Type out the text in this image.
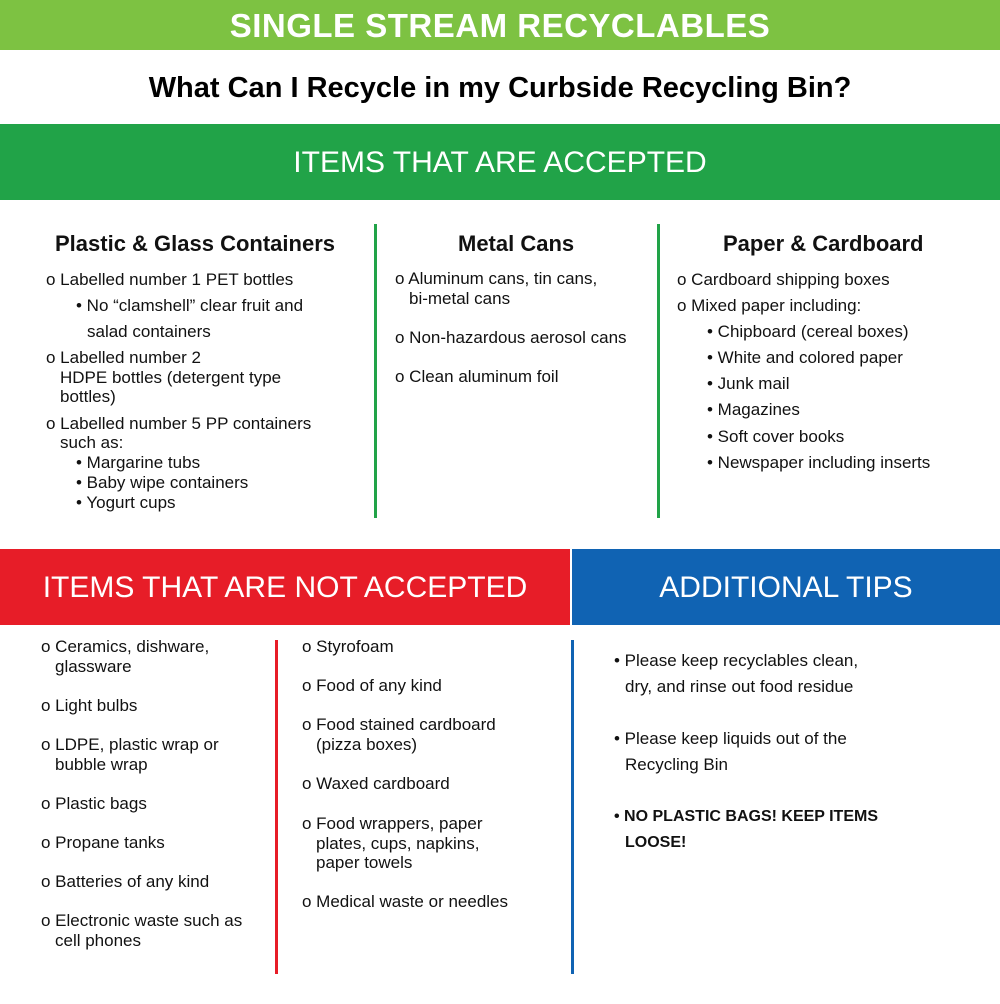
SINGLE STREAM RECYCLABLES
What Can I Recycle in my Curbside Recycling Bin?
ITEMS THAT ARE ACCEPTED
Plastic & Glass Containers
o Labelled number 1 PET bottles
• No “clamshell” clear fruit and
salad containers
o Labelled number 2
HDPE bottles (detergent type
bottles)
o Labelled number 5 PP containers
such as:
• Margarine tubs
• Baby wipe containers
• Yogurt cups
Metal Cans
o Aluminum cans, tin cans,
bi-metal cans
o Non-hazardous aerosol cans
o Clean aluminum foil
Paper & Cardboard
o Cardboard shipping boxes
o Mixed paper including:
• Chipboard (cereal boxes)
• White and colored paper
• Junk mail
• Magazines
• Soft cover books
• Newspaper including inserts
ITEMS THAT ARE NOT ACCEPTED	ADDITIONAL TIPS
o Ceramics, dishware,
glassware
o Light bulbs
o LDPE, plastic wrap or
bubble wrap
o Plastic bags
o Propane tanks
o Batteries of any kind
o Electronic waste such as
cell phones
o Styrofoam
o Food of any kind
o Food stained cardboard
(pizza boxes)
o Waxed cardboard
o Food wrappers, paper
plates, cups, napkins,
paper towels
o Medical waste or needles
• Please keep recyclables clean,
dry, and rinse out food residue
• Please keep liquids out of the
Recycling Bin
• NO PLASTIC BAGS! KEEP ITEMS
LOOSE!
